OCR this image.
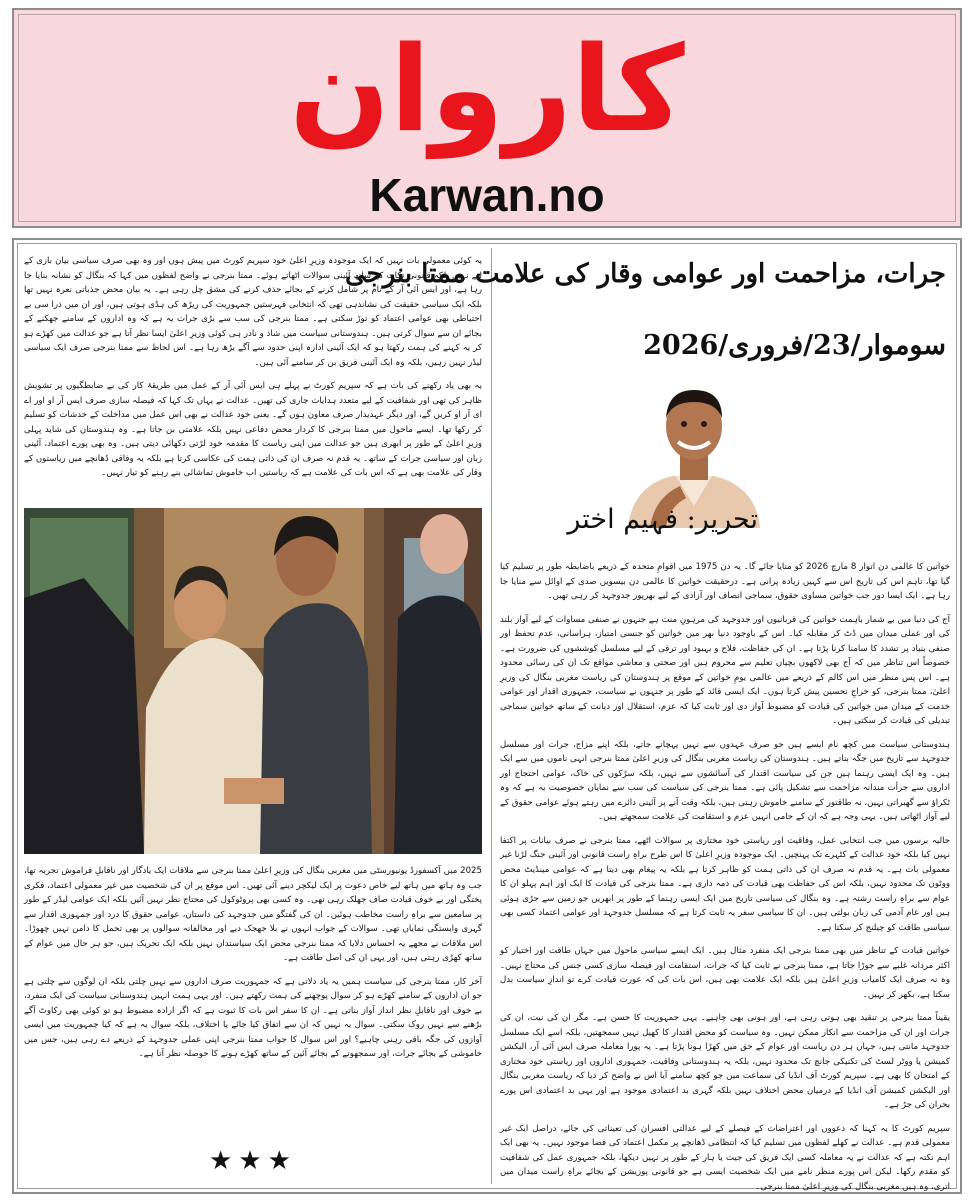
کاروان
Karwan.no
جرات، مزاحمت اور عوامی وقار کی علامت ممتا بنرجی
سوموار/23/فروری/2026
تحریر: فہیم اختر

یہ کوئی معمولی بات نہیں کہ ایک موجودہ وزیرِ اعلیٰ خود سپریم کورٹ میں پیش ہوں اور وہ بھی صرف سیاسی بیان بازی کے لیے نہیں بلکہ قانونی نکات کے ساتھ آئینی سوالات اٹھاتے ہوئے۔ ممتا بنرجی نے واضح لفظوں میں کہا کہ بنگال کو نشانہ بنایا جا رہا ہے، اور ایس آئی آر کے نام پر شامل کرنے کے بجائے حذف کرنے کی مشق چل رہی ہے۔ یہ بیان محض جذباتی نعرہ نہیں تھا بلکہ ایک سیاسی حقیقت کی نشاندہی تھی کہ انتخابی فہرستیں جمہوریت کی ریڑھ کی ہڈی ہوتی ہیں، اور ان میں ذرا سی بے احتیاطی بھی عوامی اعتماد کو توڑ سکتی ہے۔ ممتا بنرجی کی سب سے بڑی جرات یہ ہے کہ وہ اداروں کے سامنے جھکنے کے بجائے ان سے سوال کرتی ہیں۔ ہندوستانی سیاست میں شاذ و نادر ہی کوئی وزیرِ اعلیٰ ایسا نظر آتا ہے جو عدالت میں کھڑے ہو کر یہ کہنے کی ہمت رکھتا ہو کہ ایک آئینی ادارہ اپنی حدود سے آگے بڑھ رہا ہے۔ اس لحاظ سے ممتا بنرجی صرف ایک سیاسی لیڈر نہیں رہیں، بلکہ وہ ایک آئینی فریق بن کر سامنے آئی ہیں۔

یہ بھی یاد رکھنے کی بات ہے کہ سپریم کورٹ نے پہلے ہی ایس آئی آر کے عمل میں طریقۂ کار کی بے ضابطگیوں پر تشویش ظاہر کی تھی اور شفافیت کے لیے متعدد ہدایات جاری کی تھیں۔ عدالت نے یہاں تک کہا کہ فیصلہ سازی صرف ایس آر او اور اے ای آر او کریں گے، اور دیگر عہدیدار صرف معاون ہوں گے۔ یعنی خود عدالت نے بھی اس عمل میں مداخلت کے خدشات کو تسلیم کر رکھا تھا۔ ایسے ماحول میں ممتا بنرجی کا کردار محض دفاعی نہیں بلکہ علامتی بن جاتا ہے۔ وہ ہندوستان کی شاید پہلی وزیرِ اعلیٰ کے طور پر ابھری ہیں جو عدالت میں اپنی ریاست کا مقدمہ خود لڑتی دکھائی دیتی ہیں۔ وہ بھی پورے اعتماد، آئینی زبان اور سیاسی جرات کے ساتھ۔ یہ قدم نہ صرف ان کی ذاتی ہمت کی عکاسی کرتا ہے بلکہ یہ وفاقی ڈھانچے میں ریاستوں کے وقار کی علامت بھی ہے کہ اس بات کی علامت ہے کہ ریاستیں اب خاموش تماشائی بنے رہنے کو تیار نہیں۔

2025 میں آکسفورڈ یونیورسٹی میں مغربی بنگال کی وزیرِ اعلیٰ ممتا بنرجی سے ملاقات ایک یادگار اور ناقابلِ فراموش تجربہ تھا، جب وہ ہاتھ میں ہاتھ لیے خاص دعوت پر ایک لیکچر دینے آئی تھیں۔ اس موقع پر ان کی شخصیت میں غیر معمولی اعتماد، فکری پختگی اور بے خوف قیادت صاف جھلک رہی تھی۔ وہ کسی بھی پروٹوکول کی محتاج نظر نہیں آئیں بلکہ ایک عوامی لیڈر کے طور پر سامعین سے براہِ راست مخاطب ہوئیں۔ ان کی گفتگو میں جدوجہد کی داستان، عوامی حقوق کا درد اور جمہوری اقدار سے گہری وابستگی نمایاں تھی۔ سوالات کے جواب انہوں نے بلا جھجک دیے اور مخالفانہ سوالوں پر بھی تحمل کا دامن نہیں چھوڑا۔ اس ملاقات نے مجھے یہ احساس دلایا کہ ممتا بنرجی محض ایک سیاستدان نہیں بلکہ ایک تحریک ہیں، جو ہر حال میں عوام کے ساتھ کھڑی رہتی ہیں، اور یہی ان کی اصل طاقت ہے۔

آخر کار، ممتا بنرجی کی سیاست ہمیں یہ یاد دلاتی ہے کہ جمہوریت صرف اداروں سے نہیں چلتی بلکہ ان لوگوں سے چلتی ہے جو ان اداروں کے سامنے کھڑے ہو کر سوال پوچھنے کی ہمت رکھتے ہیں۔ اور یہی ہمت انہیں ہندوستانی سیاست کی ایک منفرد، بے خوف اور ناقابلِ نظر انداز آواز بناتی ہے۔ ان کا سفر اس بات کا ثبوت ہے کہ اگر ارادہ مضبوط ہو تو کوئی بھی رکاوٹ آگے بڑھنے سے نہیں روک سکتی۔ سوال یہ نہیں کہ ان سے اتفاق کیا جائے یا اختلاف، بلکہ سوال یہ ہے کہ کیا جمہوریت میں ایسی آوازوں کی جگہ باقی رہنی چاہیے؟ اور اس سوال کا جواب ممتا بنرجی اپنی عملی جدوجہد کے ذریعے دے رہی ہیں، جس میں خاموشی کے بجائے جرات، اور سمجھوتے کے بجائے آئین کے ساتھ کھڑے ہونے کا حوصلہ نظر آتا ہے۔

★★★

خواتین کا عالمی دن اتوار 8 مارچ 2026 کو منایا جائے گا۔ یہ دن 1975 میں اقوامِ متحدہ کے ذریعے باضابطہ طور پر تسلیم کیا گیا تھا، تاہم اس کی تاریخ اس سے کہیں زیادہ پرانی ہے۔ درحقیقت خواتین کا عالمی دن بیسویں صدی کے اوائل سے منایا جا رہا ہے۔ ایک ایسا دور جب خواتین مساوی حقوق، سماجی انصاف اور آزادی کے لیے بھرپور جدوجہد کر رہی تھیں۔

آج کی دنیا میں بے شمار باہمت خواتین کی قربانیوں اور جدوجہد کی مرہونِ منت ہے جنہوں نے صنفی مساوات کے لیے آواز بلند کی اور عملی میدان میں ڈٹ کر مقابلہ کیا۔ اس کے باوجود دنیا بھر میں خواتین کو جنسی امتیاز، ہراسانی، عدم تحفظ اور صنفی بنیاد پر تشدد کا سامنا کرنا پڑتا ہے۔ ان کی حفاظت، فلاح و بہبود اور ترقی کے لیے مسلسل کوششوں کی ضرورت ہے۔ خصوصاً اس تناظر میں کہ آج بھی لاکھوں بچیاں تعلیم سے محروم ہیں اور صحتی و معاشی مواقع تک ان کی رسائی محدود ہے۔ اس پس منظر میں اس کالم کے ذریعے میں عالمی یومِ خواتین کے موقع پر ہندوستان کی ریاست مغربی بنگال کی وزیرِ اعلیٰ، ممتا بنرجی، کو خراجِ تحسین پیش کرتا ہوں۔ ایک ایسی قائد کے طور پر جنہوں نے سیاست، جمہوری اقدار اور عوامی خدمت کے میدان میں خواتین کی قیادت کو مضبوط آواز دی اور ثابت کیا کہ عزم، استقلال اور دیانت کے ساتھ خواتین سماجی تبدیلی کی قیادت کر سکتی ہیں۔

ہندوستانی سیاست میں کچھ نام ایسے ہیں جو صرف عہدوں سے نہیں پہچانے جاتے، بلکہ اپنے مزاج، جرات اور مسلسل جدوجہد سے تاریخ میں جگہ بناتے ہیں۔ ہندوستان کی ریاست مغربی بنگال کی وزیرِ اعلیٰ ممتا بنرجی انہی ناموں میں سے ایک ہیں۔ وہ ایک ایسی رہنما ہیں جن کی سیاست اقتدار کی آسائشوں سے نہیں، بلکہ سڑکوں کی خاک، عوامی احتجاج اور اداروں سے جرأت مندانہ مزاحمت سے تشکیل پائی ہے۔ ممتا بنرجی کی سیاست کی سب سے نمایاں خصوصیت یہ ہے کہ وہ ٹکراؤ سے گھبراتی نہیں، نہ طاقتور کے سامنے خاموش رہتی ہیں، بلکہ وقت آنے پر آئینی دائرے میں رہتے ہوئے عوامی حقوق کے لیے آواز اٹھاتی ہیں۔ یہی وجہ ہے کہ ان کے حامی انہیں عزم و استقامت کی علامت سمجھتے ہیں۔

حالیہ برسوں میں جب انتخابی عمل، وفاقیت اور ریاستی خود مختاری پر سوالات اٹھے، ممتا بنرجی نے صرف بیانات پر اکتفا نہیں کیا بلکہ خود عدالت کے کٹہرے تک پہنچیں۔ ایک موجودہ وزیرِ اعلیٰ کا اس طرح براہِ راست قانونی اور آئینی جنگ لڑنا غیر معمولی بات ہے۔ یہ قدم نہ صرف ان کی ذاتی ہمت کو ظاہر کرتا ہے بلکہ یہ پیغام بھی دیتا ہے کہ عوامی مینڈیٹ محض ووٹوں تک محدود نہیں، بلکہ اس کی حفاظت بھی قیادت کی ذمہ داری ہے۔ ممتا بنرجی کی قیادت کا ایک اور اہم پہلو ان کا عوام سے براہِ راست رشتہ ہے۔ وہ بنگال کی سیاسی تاریخ میں ایک ایسی رہنما کے طور پر ابھریں جو زمین سے جڑی ہوئی ہیں اور عام آدمی کی زبان بولتی ہیں۔ ان کا سیاسی سفر یہ ثابت کرتا ہے کہ مسلسل جدوجہد اور عوامی اعتماد کسی بھی سیاسی طاقت کو چیلنج کر سکتا ہے۔

خواتین قیادت کے تناظر میں بھی ممتا بنرجی ایک منفرد مثال ہیں۔ ایک ایسے سیاسی ماحول میں جہاں طاقت اور اختیار کو اکثر مردانہ غلبے سے جوڑا جاتا ہے، ممتا بنرجی نے ثابت کیا کہ جرات، استقامت اور فیصلہ سازی کسی جنس کی محتاج نہیں۔ وہ نہ صرف ایک کامیاب وزیرِ اعلیٰ ہیں بلکہ ایک علامت بھی ہیں، اس بات کی کہ عورت قیادت کرے تو اندازِ سیاست بدل سکتا ہے، بکھر کر نہیں۔

یقیناً ممتا بنرجی پر تنقید بھی ہوتی رہی ہے، اور ہونی بھی چاہیے۔ یہی جمہوریت کا حسن ہے۔ مگر ان کی نیت، ان کی جرات اور ان کی مزاحمت سے انکار ممکن نہیں۔ وہ سیاست کو محض اقتدار کا کھیل نہیں سمجھتیں، بلکہ اسے ایک مسلسل جدوجہد مانتی ہیں، جہاں ہر دن ریاست اور عوام کے حق میں کھڑا ہونا پڑتا ہے۔ یہ پورا معاملہ صرف ایس آئی آر، الیکشن کمیشن یا ووٹر لسٹ کی تکنیکی جانچ تک محدود نہیں، بلکہ یہ ہندوستانی وفاقیت، جمہوری اداروں اور ریاستی خود مختاری کے امتحان کا بھی ہے۔ سپریم کورٹ آف انڈیا کی سماعت میں جو کچھ سامنے آیا اس نے واضح کر دیا کہ ریاست مغربی بنگال اور الیکشن کمیشن آف انڈیا کے درمیان محض اختلاف نہیں بلکہ گہری بد اعتمادی موجود ہے اور یہی بد اعتمادی اس پورے بحران کی جڑ ہے۔

سپریم کورٹ کا یہ کہنا کہ دعووں اور اعتراضات کے فیصلے کے لیے عدالتی افسران کی تعیناتی کی جائے، دراصل ایک غیر معمولی قدم ہے۔ عدالت نے کھلے لفظوں میں تسلیم کیا کہ انتظامی ڈھانچے پر مکمل اعتماد کی فضا موجود نہیں۔ یہ بھی ایک اہم نکتہ ہے کہ عدالت نے یہ معاملہ کسی ایک فریق کی جیت یا ہار کے طور پر نہیں دیکھا، بلکہ جمہوری عمل کی شفافیت کو مقدم رکھا۔ لیکن اس پورے منظر نامے میں ایک شخصیت ایسی ہے جو قانونی پوزیشن کے بجائے براہِ راست میدان میں اتری، وہ ہیں مغربی بنگال کی وزیرِ اعلیٰ ممتا بنرجی۔
